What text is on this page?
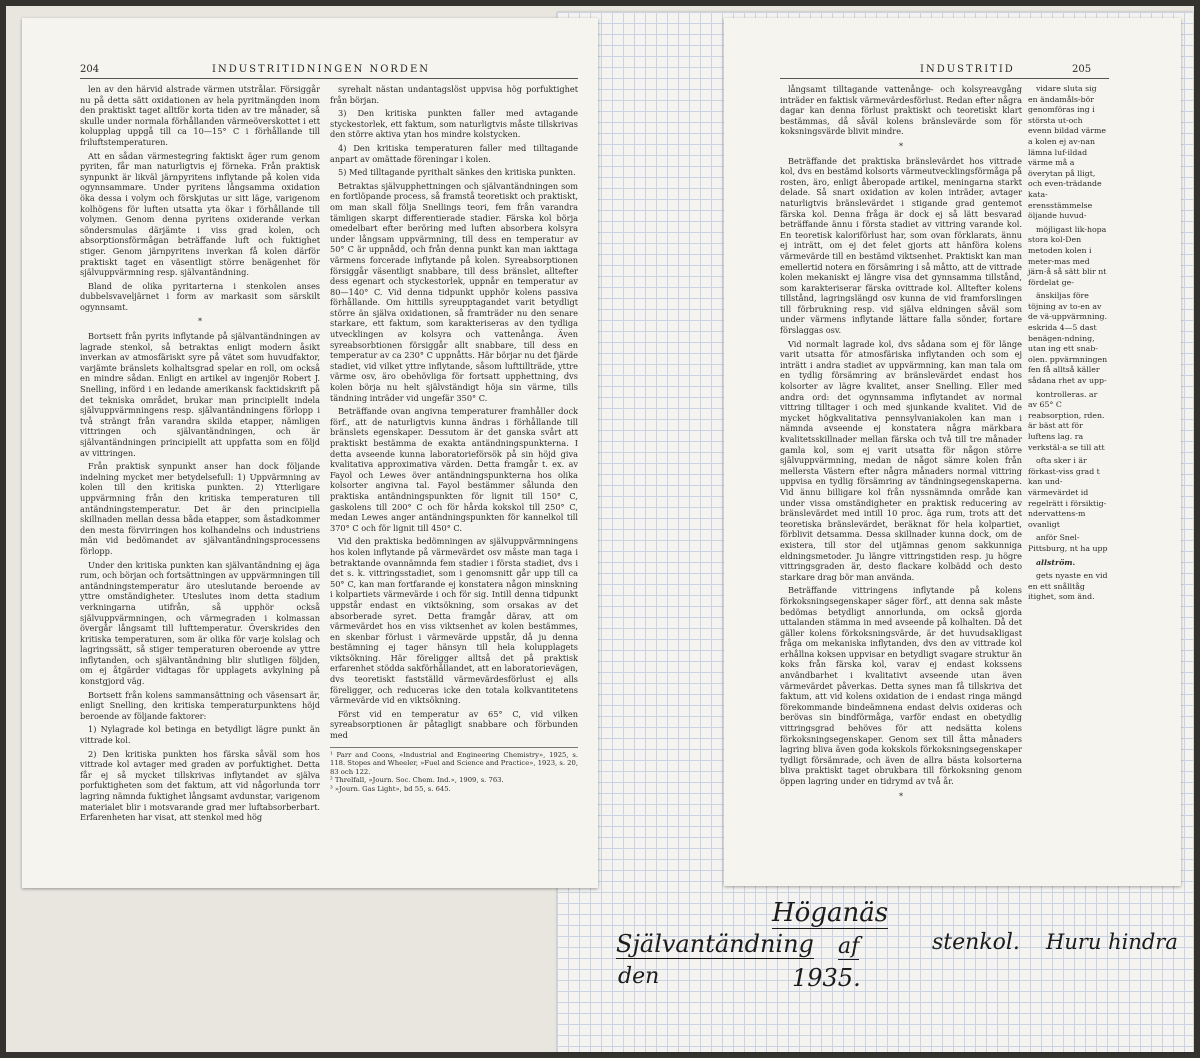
204	INDUSTRITIDNINGEN NORDEN

len av den härvid alstrade värmen utstrålar. Försiggår nu på detta sätt oxidationen av hela pyritmängden inom den praktiskt taget alltför korta tiden av tre månader, så skulle under normala förhållanden värmeöverskottet i ett kolupplag uppgå till ca 10—15° C i förhållande till friluftstemperaturen.

Att en sådan värmestegring faktiskt äger rum genom pyriten, får man naturligtvis ej förneka. Från praktisk synpunkt är likväl järnpyritens inflytande på kolen vida ogynnsammare. Under pyritens långsamma oxidation öka dessa i volym och förskjutas ur sitt läge, varigenom kolhögens för luften utsatta yta ökar i förhållande till volymen. Genom denna pyritens oxiderande verkan söndersmulas därjämte i viss grad kolen, och absorptionsförmågan beträffande luft och fuktighet stiger. Genom järnpyritens inverkan få kolen därför praktiskt taget en väsentligt större benägenhet för självuppvärmning resp. självantändning.

Bland de olika pyritarterna i stenkolen anses dubbelsvaveljärnet i form av markasit som särskilt ogynnsamt.

*

Bortsett från pyrits inflytande på självantändningen av lagrade stenkol, så betraktas enligt modern åsikt inverkan av atmosfäriskt syre på vätet som huvudfaktor, varjämte bränslets kolhaltsgrad spelar en roll, om också en mindre sådan. Enligt en artikel av ingenjör Robert J. Snelling, införd i en ledande amerikansk facktidskrift på det tekniska området, brukar man principiellt indela självuppvärmningens resp. självantändningens förlopp i två strängt från varandra skilda etapper, nämligen vittringen och självantändningen, och är självantändningen principiellt att uppfatta som en följd av vittringen.

Från praktisk synpunkt anser han dock följande indelning mycket mer betydelsefull: 1) Uppvärmning av kolen till den kritiska punkten. 2) Ytterligare uppvärmning från den kritiska temperaturen till antändningstemperatur. Det är den principiella skillnaden mellan dessa båda etapper, som åstadkommer den mesta förvirringen hos kolhandelns och industriens män vid bedömandet av självantändningsprocessens förlopp.

Under den kritiska punkten kan självantändning ej äga rum, och början och fortsättningen av uppvärmningen till antändningstemperatur äro uteslutande beroende av yttre omständigheter. Uteslutes inom detta stadium verkningarna utifrån, så upphör också självuppvärmningen, och värmegraden i kolmassan övergår långsamt till lufttemperatur. Överskrides den kritiska temperaturen, som är olika för varje kolslag och lagringssätt, så stiger temperaturen oberoende av yttre inflytanden, och självantändning blir slutligen följden, om ej åtgärder vidtagas för upplagets avkylning på konstgjord väg.

Bortsett från kolens sammansättning och väsensart är, enligt Snelling, den kritiska temperaturpunktens höjd beroende av följande faktorer:

1) Nylagrade kol betinga en betydligt lägre punkt än vittrade kol.

2) Den kritiska punkten hos färska såväl som hos vittrade kol avtager med graden av porfuktighet. Detta får ej så mycket tillskrivas inflytandet av själva porfuktigheten som det faktum, att vid någorlunda torr lagring nämnda fuktighet långsamt avdunstar, varigenom materialet blir i motsvarande grad mer luftabsorberbart. Erfarenheten har visat, att stenkol med hög

syrehalt nästan undantagslöst uppvisa hög porfuktighet från början.

3) Den kritiska punkten faller med avtagande styckestorlek, ett faktum, som naturligtvis måste tillskrivas den större aktiva ytan hos mindre kolstycken.

4) Den kritiska temperaturen faller med tilltagande anpart av omättade föreningar i kolen.

5) Med tilltagande pyrithalt sänkes den kritiska punkten.

Betraktas självupphettningen och självantändningen som en fortlöpande process, så framstå teoretiskt och praktiskt, om man skall följa Snellings teori, fem från varandra tämligen skarpt differentierade stadier. Färska kol börja omedelbart efter beröring med luften absorbera kolsyra under långsam uppvärmning, till dess en temperatur av 50° C är uppnådd, och från denna punkt kan man iakttaga värmens forcerade inflytande på kolen. Syreabsorptionen försiggår väsentligt snabbare, till dess bränslet, alltefter dess egenart och styckestorlek, uppnår en temperatur av 80—140° C. Vid denna tidpunkt upphör kolens passiva förhållande. Om hittills syreupptagandet varit betydligt större än själva oxidationen, så framträder nu den senare starkare, ett faktum, som karakteriseras av den tydliga utvecklingen av kolsyra och vattenånga. Även syreabsorbtionen försiggår allt snabbare, till dess en temperatur av ca 230° C uppnåtts. Här börjar nu det fjärde stadiet, vid vilket yttre inflytande, såsom lufttillträde, yttre värme osv, äro obehövliga för fortsatt upphettning, dvs kolen börja nu helt självständigt höja sin värme, tills tändning inträder vid ungefär 350° C.

Beträffande ovan angivna temperaturer framhåller dock förf., att de naturligtvis kunna ändras i förhållande till bränslets egenskaper. Dessutom är det ganska svårt att praktiskt bestämma de exakta antändningspunkterna. I detta avseende kunna laboratorieförsök på sin höjd giva kvalitativa approximativa värden. Detta framgår t. ex. av Fayol och Lewes över antändningspunkterna hos olika kolsorter angivna tal. Fayol bestämmer sålunda den praktiska antändningspunkten för lignit till 150° C, gaskolens till 200° C och för hårda kokskol till 250° C, medan Lewes anger antändningspunkten för kannelkol till 370° C och för lignit till 450° C.

Vid den praktiska bedömningen av självuppvärmningens hos kolen inflytande på värmevärdet osv måste man taga i betraktande ovannämnda fem stadier i första stadiet, dvs i det s. k. vittringsstadiet, som i genomsnitt går upp till ca 50° C, kan man fortfarande ej konstatera någon minskning i kolpartiets värmevärde i och för sig. Intill denna tidpunkt uppstår endast en viktsökning, som orsakas av det absorberade syret. Detta framgår därav, att om värmevärdet hos en viss viktsenhet av kolen bestämmes, en skenbar förlust i värmevärde uppstår, då ju denna bestämning ej tager hänsyn till hela kolupplagets viktsökning. Här föreligger alltså det på praktisk erfarenhet stödda sakförhållandet, att en laboratorievägen, dvs teoretiskt fastställd värmevärdesförlust ej alls föreligger, och reduceras icke den totala kolkvantitetens värmevärde vid en viktsökning.

Först vid en temperatur av 65° C, vid vilken syreabsorptionen är påtagligt snabbare och förbunden med

¹ Parr and Coons, »Industrial and Engineering Chemistry», 1925, s. 118. Stopes and Wheeler, »Fuel and Science and Practice», 1923, s. 20, 83 och 122.
² Threlfall, »Journ. Soc. Chem. Ind.», 1909, s. 763.
³ »Journ. Gas Light», bd 55, s. 645.
INDUSTRITID	205

långsamt tilltagande vattenånge- och kolsyreavgång inträder en faktisk värmevärdesförlust. Redan efter några dagar kan denna förlust praktiskt och teoretiskt klart bestämmas, då såväl kolens bränslevärde som för koksningsvärde blivit mindre.

*

Beträffande det praktiska bränslevärdet hos vittrade kol, dvs en bestämd kolsorts värmeutvecklingsförmåga på rosten, äro, enligt åberopade artikel, meningarna starkt delade. Så snart oxidation av kolen inträder, avtager naturligtvis bränslevärdet i stigande grad gentemot färska kol. Denna fråga är dock ej så lätt besvarad beträffande ännu i första stadiet av vittring varande kol. En teoretisk kaloriförlust har, som ovan förklarats, ännu ej inträtt, om ej det felet gjorts att hänföra kolens värmevärde till en bestämd viktsenhet. Praktiskt kan man emellertid notera en försämring i så måtto, att de vittrade kolen mekaniskt ej längre visa det gynnsamma tillstånd, som karakteriserar färska ovittrade kol. Alltefter kolens tillstånd, lagringslängd osv kunna de vid framforslingen till förbrukning resp. vid själva eldningen såväl som under värmens inflytande lättare falla sönder, fortare förslaggas osv.

Vid normalt lagrade kol, dvs sådana som ej för länge varit utsatta för atmosfäriska inflytanden och som ej inträtt i andra stadiet av uppvärmning, kan man tala om en tydlig försämring av bränslevärdet endast hos kolsorter av lägre kvalitet, anser Snelling. Eller med andra ord: det ogynnsamma inflytandet av normal vittring tilltager i och med sjunkande kvalitet. Vid de mycket högkvalitativa pennsylvaniakolen kan man i nämnda avseende ej konstatera några märkbara kvalitetsskillnader mellan färska och två till tre månader gamla kol, som ej varit utsatta för någon större självuppvärmning, medan de något sämre kolen från mellersta Västern efter några månaders normal vittring uppvisa en tydlig försämring av tändningsegenskaperna. Vid ännu billigare kol från nyssnämnda område kan under vissa omständigheter en praktisk reducering av bränslevärdet med intill 10 proc. äga rum, trots att det teoretiska bränslevärdet, beräknat för hela kolpartiet, förblivit detsamma. Dessa skillnader kunna dock, om de existera, till stor del utjämnas genom sakkunniga eldningsmetoder. Ju längre vittringstiden resp. ju högre vittringsgraden är, desto flackare kolbädd och desto starkare drag bör man använda.

Beträffande vittringens inflytande på kolens förkoksningsegenskaper säger förf., att denna sak måste bedömas betydligt annorlunda, om också gjorda uttalanden stämma in med avseende på kolhalten. Då det gäller kolens förkoksningsvärde, är det huvudsakligast fråga om mekaniska inflytanden, dvs den av vittrade kol erhållna koksen uppvisar en betydligt svagare struktur än koks från färska kol, varav ej endast kokssens användbarhet i kvalitativt avseende utan även värmevärdet påverkas. Detta synes man få tillskriva det faktum, att vid kolens oxidation de i endast ringa mängd förekommande bindeämnena endast delvis oxideras och berövas sin bindförmåga, varför endast en obetydlig vittringsgrad behöves för att nedsätta kolens förkoksningsegenskaper. Genom sex till åtta månaders lagring bliva även goda kokskols förkoksningsegenskaper tydligt försämrade, och även de allra bästa kolsorterna bliva praktiskt taget obrukbara till förkoksning genom öppen lagring under en tidrymd av två år.

*

vidare sluta sig en ändamåls-bör genomföras ing i största ut-och evenn bildad värme a kolen ej av-nan lämna luf-ildad värme må a överytan på lligt, och even-trädande kata-erensstämmelse öljande huvud-

möjligast lik-hopa stora kol-Den metoden kolen i meter-mas med järn-å så sätt blir nt fördelat ge-

änskiljas före töjning av to-en av de vä-uppvärmning. eskrida 4—5 dast benägen-ndning, utan ing ett snab-olen. ppvärmningen fen få alltså käller sådana rhet av upp-

kontrolleras. ar av 65° C reabsorption, rden. är bäst att för luftens lag. ra verkstäl-a se till att

ofta sker i är förkast-viss grad t kan und-värmevärdet id regelrätt i försiktig-ndervattens-m ovanligt

anför Snel-Pittsburg, nt ha upp

allström.

gets nyaste en vid en ett snålltåg itighet, som änd.

Höganäs
Självantändning af	stenkol. Huru hindra
den	1935.
